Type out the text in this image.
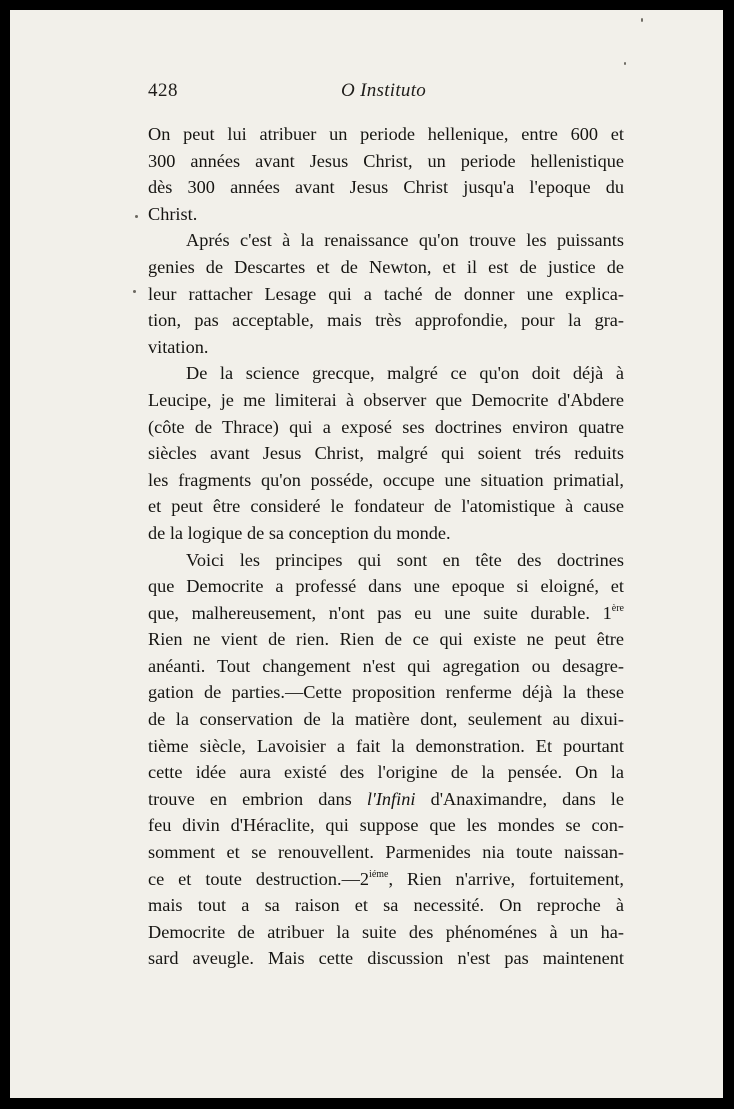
428	O Instituto
On peut lui atribuer un periode hellenique, entre 600 et
300 années avant Jesus Christ, un periode hellenistique
dès 300 années avant Jesus Christ jusqu'a l'epoque du
Christ.
Aprés c'est à la renaissance qu'on trouve les puissants
genies de Descartes et de Newton, et il est de justice de
leur rattacher Lesage qui a taché de donner une explica-
tion, pas acceptable, mais très approfondie, pour la gra-
vitation.
De la science grecque, malgré ce qu'on doit déjà à
Leucipe, je me limiterai à observer que Democrite d'Abdere
(côte de Thrace) qui a exposé ses doctrines environ quatre
siècles avant Jesus Christ, malgré qui soient trés reduits
les fragments qu'on posséde, occupe une situation primatial,
et peut être consideré le fondateur de l'atomistique à cause
de la logique de sa conception du monde.
Voici les principes qui sont en tête des doctrines
que Democrite a professé dans une epoque si eloigné, et
que, malhereusement, n'ont pas eu une suite durable. 1ère
Rien ne vient de rien. Rien de ce qui existe ne peut être
anéanti. Tout changement n'est qui agregation ou desagre-
gation de parties.—Cette proposition renferme déjà la these
de la conservation de la matière dont, seulement au dixui-
tième siècle, Lavoisier a fait la demonstration. Et pourtant
cette idée aura existé des l'origine de la pensée. On la
trouve en embrion dans l'Infini d'Anaximandre, dans le
feu divin d'Héraclite, qui suppose que les mondes se con-
somment et se renouvellent. Parmenides nia toute naissan-
ce et toute $destruction.—2^{iéme}$, Rien n'arrive, fortuitement,
mais tout a sa raison et sa necessité. On reproche à
Democrite de atribuer la suite des phénoménes à un ha-
sard aveugle. Mais cette discussion n'est pas maintenent
